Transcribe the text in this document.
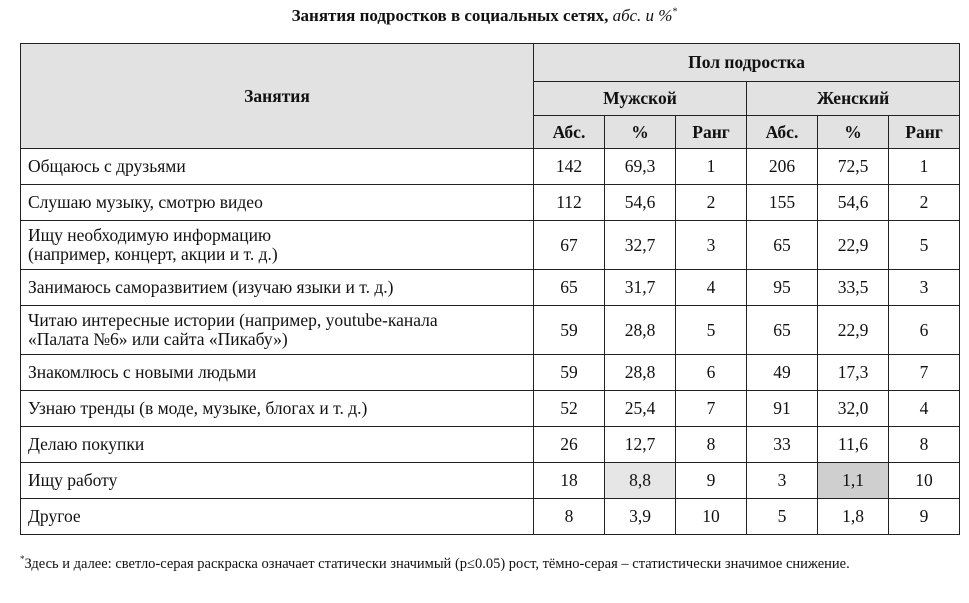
Занятия подростков в социальных сетях, абс. и %*
Занятия	Пол подростка					
	Мужской			Женский		
	Абс.	%	Ранг	Абс.	%	Ранг
Общаюсь с друзьями	142	69,3	1	206	72,5	1
Слушаю музыку, смотрю видео	112	54,6	2	155	54,6	2
Ищу необходимую информацию
(например, концерт, акции и т. д.)	67	32,7	3	65	22,9	5
Занимаюсь саморазвитием (изучаю языки и т. д.)	65	31,7	4	95	33,5	3
Читаю интересные истории (например, youtube-канала
«Палата №6» или сайта «Пикабу»)	59	28,8	5	65	22,9	6
Знакомлюсь с новыми людьми	59	28,8	6	49	17,3	7
Узнаю тренды (в моде, музыке, блогах и т. д.)	52	25,4	7	91	32,0	4
Делаю покупки	26	12,7	8	33	11,6	8
Ищу работу	18	8,8	9	3	1,1	10
Другое	8	3,9	10	5	1,8	9
*Здесь и далее: светло-серая раскраска означает статически значимый (p≤0.05) рост, тёмно-серая – статистически значимое снижение.
